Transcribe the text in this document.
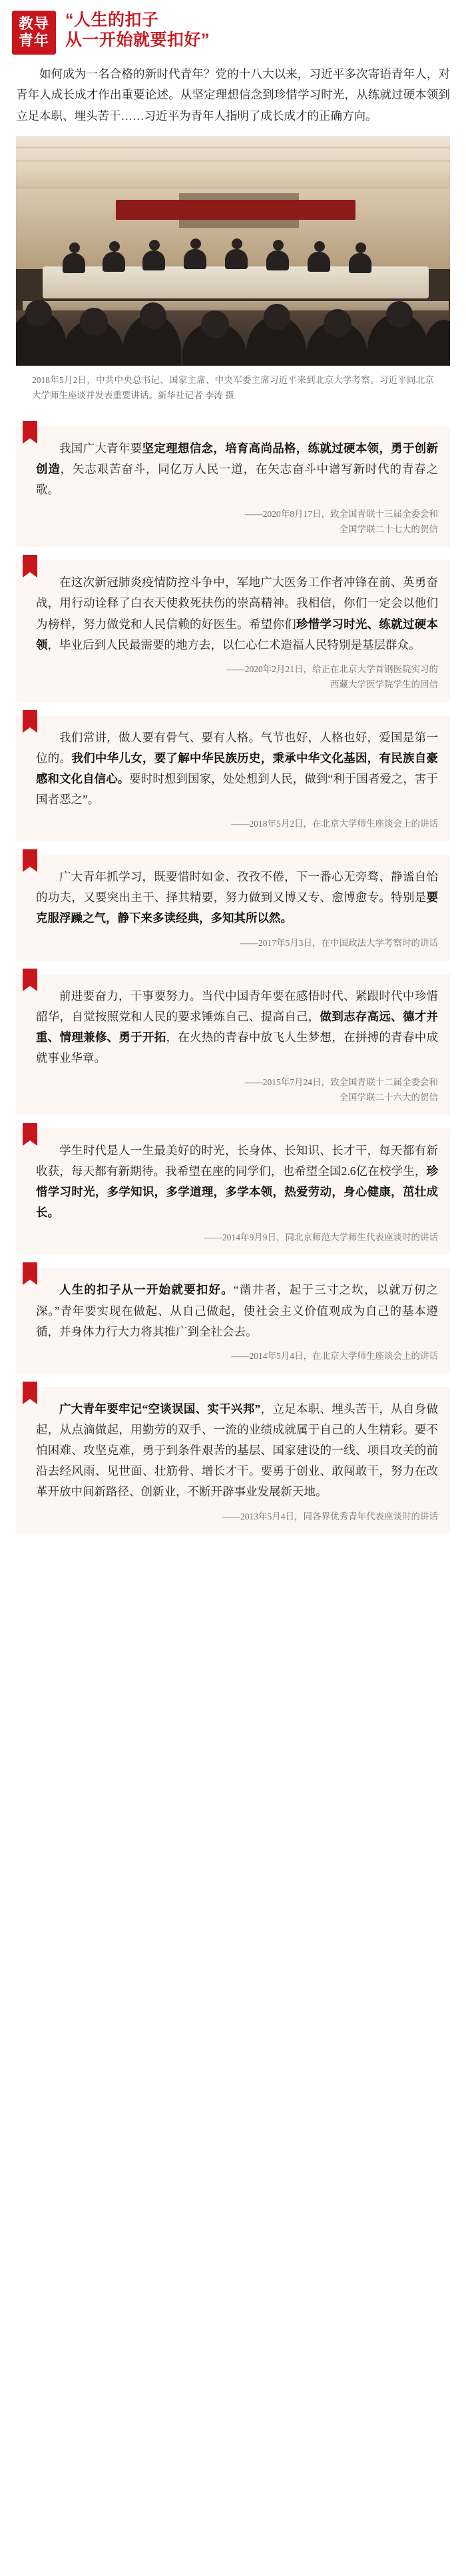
教导
青年
“人生的扣子
从一开始就要扣好”
如何成为一名合格的新时代青年？党的十八大以来，习近平多次寄语青年人，对青年人成长成才作出重要论述。从坚定理想信念到珍惜学习时光，从练就过硬本领到立足本职、埋头苦干……习近平为青年人指明了成长成才的正确方向。
2018年5月2日，中共中央总书记、国家主席、中央军委主席习近平来到北京大学考察。习近平同北京大学师生座谈并发表重要讲话。新华社记者 李涛 摄
我国广大青年要坚定理想信念，培育高尚品格，练就过硬本领，勇于创新创造，矢志艰苦奋斗，同亿万人民一道，在矢志奋斗中谱写新时代的青春之歌。
——2020年8月17日，致全国青联十三届全委会和
全国学联二十七大的贺信
在这次新冠肺炎疫情防控斗争中，军地广大医务工作者冲锋在前、英勇奋战，用行动诠释了白衣天使救死扶伤的崇高精神。我相信，你们一定会以他们为榜样，努力做党和人民信赖的好医生。希望你们珍惜学习时光、练就过硬本领，毕业后到人民最需要的地方去，以仁心仁术造福人民特别是基层群众。
——2020年2月21日，给正在北京大学首钢医院实习的
西藏大学医学院学生的回信
我们常讲，做人要有骨气、要有人格。气节也好，人格也好，爱国是第一位的。我们中华儿女，要了解中华民族历史，秉承中华文化基因，有民族自豪感和文化自信心。要时时想到国家，处处想到人民，做到“利于国者爱之，害于国者恶之”。
——2018年5月2日，在北京大学师生座谈会上的讲话
广大青年抓学习，既要惜时如金、孜孜不倦，下一番心无旁骛、静谧自怡的功夫，又要突出主干、择其精要，努力做到又博又专、愈博愈专。特别是要克服浮躁之气，静下来多读经典，多知其所以然。
——2017年5月3日，在中国政法大学考察时的讲话
前进要奋力，干事要努力。当代中国青年要在感悟时代、紧跟时代中珍惜韶华，自觉按照党和人民的要求锤炼自己、提高自己，做到志存高远、德才并重、情理兼修、勇于开拓，在火热的青春中放飞人生梦想，在拼搏的青春中成就事业华章。
——2015年7月24日，致全国青联十二届全委会和
全国学联二十六大的贺信
学生时代是人一生最美好的时光，长身体、长知识、长才干，每天都有新收获，每天都有新期待。我希望在座的同学们，也希望全国2.6亿在校学生，珍惜学习时光，多学知识，多学道理，多学本领，热爱劳动，身心健康，茁壮成长。
——2014年9月9日，同北京师范大学师生代表座谈时的讲话
人生的扣子从一开始就要扣好。“凿井者，起于三寸之坎，以就万仞之深。”青年要实现在做起、从自己做起，使社会主义价值观成为自己的基本遵循，并身体力行大力将其推广到全社会去。
——2014年5月4日，在北京大学师生座谈会上的讲话
广大青年要牢记“空谈误国、实干兴邦”，立足本职、埋头苦干，从自身做起，从点滴做起，用勤劳的双手、一流的业绩成就属于自己的人生精彩。要不怕困难、攻坚克难，勇于到条件艰苦的基层、国家建设的一线、项目攻关的前沿去经风雨、见世面、壮筋骨、增长才干。要勇于创业、敢闯敢干，努力在改革开放中间新路径、创新业，不断开辟事业发展新天地。
——2013年5月4日，同各界优秀青年代表座谈时的讲话
